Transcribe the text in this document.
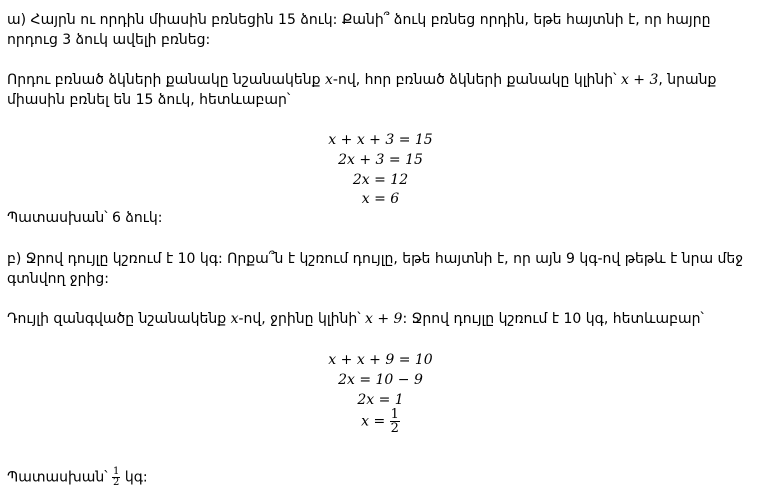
ա) Հայրն ու որդին միասին բռնեցին 15 ձուկ: Քանի՞ ձուկ բռնեց որդին, եթե հայտնի է, որ հայրը որդուց 3 ձուկ ավելի բռնեց:
Որդու բռնած ձկների քանակը նշանակենք x-ով, հոր բռնած ձկների քանակը կլինի՝ x + 3, նրանք միասին բռնել են 15 ձուկ, հետևաբար՝
x + x + 3 = 15
2x + 3 = 15
2x = 12
x = 6
Պատասխան՝ 6 ձուկ:
բ) Ջրով դույլը կշռում է 10 կգ: Որքա՞ն է կշռում դույլը, եթե հայտնի է, որ այն 9 կգ-ով թեթև է նրա մեջ գտնվող ջրից:
Դույլի զանգվածը նշանակենք x-ով, ջրինը կլինի՝ x + 9: Ջրով դույլը կշռում է 10 կգ, հետևաբար՝
x + x + 9 = 10
2x = 10 − 9
2x = 1
$x = \frac{1}{2}$
Պատասխան՝ $\frac{1}{2}$ կգ:
